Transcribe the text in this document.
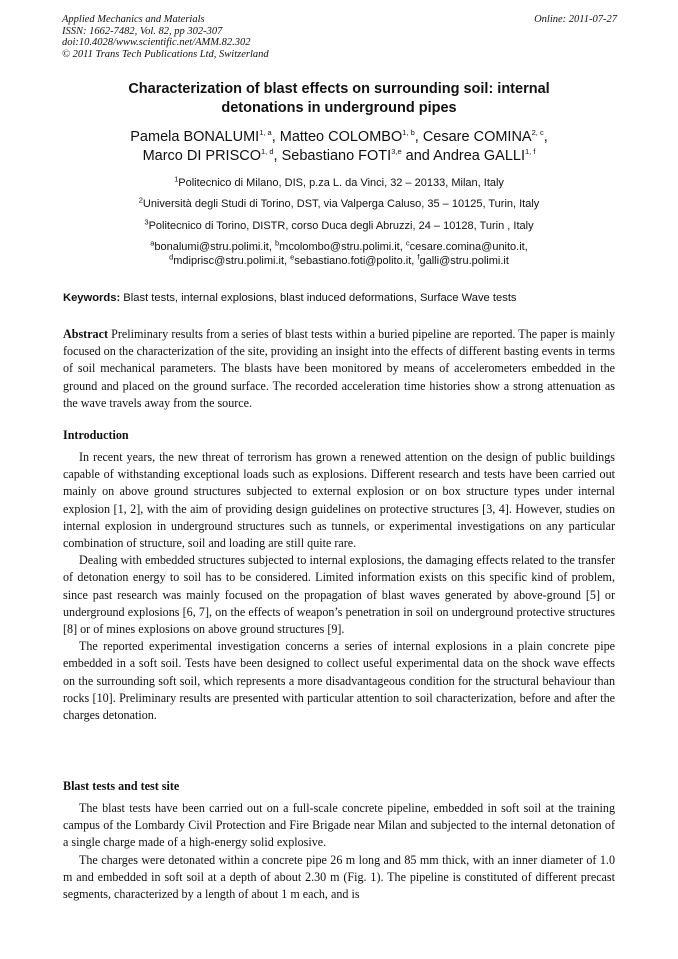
Applied Mechanics and Materials
ISSN: 1662-7482, Vol. 82, pp 302-307
doi:10.4028/www.scientific.net/AMM.82.302
© 2011 Trans Tech Publications Ltd, Switzerland
Online: 2011-07-27
Characterization of blast effects on surrounding soil: internal
detonations in underground pipes
Pamela BONALUMI$^{1, a}$, Matteo COLOMBO$^{1, b}$, Cesare COMINA$^{2, c}$,
Marco DI PRISCO$^{1, d}$, Sebastiano FOTI$^{3,e}$ and Andrea GALLI$^{1, f}$
$^1$Politecnico di Milano, DIS, p.za L. da Vinci, 32 – 20133, Milan, Italy
$^2$Università degli Studi di Torino, DST, via Valperga Caluso, 35 – 10125, Turin, Italy
$^3$Politecnico di Torino, DISTR, corso Duca degli Abruzzi, 24 – 10128, Turin , Italy
$^a$bonalumi@stru.polimi.it, $^b$mcolombo@stru.polimi.it, $^c$cesare.comina@unito.it,
$^d$mdiprisc@stru.polimi.it, $^e$sebastiano.foti@polito.it, $^f$galli@stru.polimi.it
Keywords: Blast tests, internal explosions, blast induced deformations, Surface Wave tests

Abstract Preliminary results from a series of blast tests within a buried pipeline are reported. The paper is mainly focused on the characterization of the site, providing an insight into the effects of different basting events in terms of soil mechanical parameters. The blasts have been monitored by means of accelerometers embedded in the ground and placed on the ground surface. The recorded acceleration time histories show a strong attenuation as the wave travels away from the source.

Introduction

In recent years, the new threat of terrorism has grown a renewed attention on the design of public buildings capable of withstanding exceptional loads such as explosions. Different research and tests have been carried out mainly on above ground structures subjected to external explosion or on box structure types under internal explosion [1, 2], with the aim of providing design guidelines on protective structures [3, 4]. However, studies on internal explosion in underground structures such as tunnels, or experimental investigations on any particular combination of structure, soil and loading are still quite rare.

Dealing with embedded structures subjected to internal explosions, the damaging effects related to the transfer of detonation energy to soil has to be considered. Limited information exists on this specific kind of problem, since past research was mainly focused on the propagation of blast waves generated by above-ground [5] or underground explosions [6, 7], on the effects of weapon’s penetration in soil on underground protective structures [8] or of mines explosions on above ground structures [9].

The reported experimental investigation concerns a series of internal explosions in a plain concrete pipe embedded in a soft soil. Tests have been designed to collect useful experimental data on the shock wave effects on the surrounding soft soil, which represents a more disadvantageous condition for the structural behaviour than rocks [10]. Preliminary results are presented with particular attention to soil characterization, before and after the charges detonation.

Blast tests and test site

The blast tests have been carried out on a full-scale concrete pipeline, embedded in soft soil at the training campus of the Lombardy Civil Protection and Fire Brigade near Milan and subjected to the internal detonation of a single charge made of a high-energy solid explosive.

The charges were detonated within a concrete pipe 26 m long and 85 mm thick, with an inner diameter of 1.0 m and embedded in soft soil at a depth of about 2.30 m (Fig. 1). The pipeline is constituted of different precast segments, characterized by a length of about 1 m each, and is
